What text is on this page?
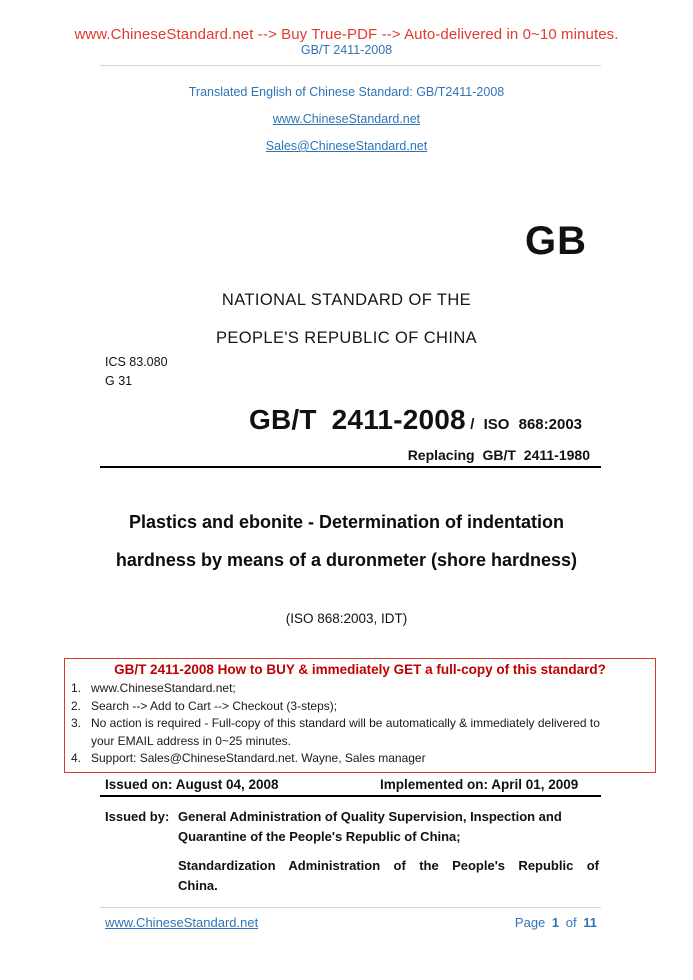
www.ChineseStandard.net --> Buy True-PDF --> Auto-delivered in 0~10 minutes.
GB/T 2411-2008
Translated English of Chinese Standard: GB/T2411-2008
www.ChineseStandard.net
Sales@ChineseStandard.net
GB
NATIONAL STANDARD OF THE
PEOPLE'S REPUBLIC OF CHINA
ICS 83.080
G 31
GB/T 2411-2008 / ISO 868:2003
Replacing GB/T 2411-1980
Plastics and ebonite - Determination of indentation
hardness by means of a duronmeter (shore hardness)
(ISO 868:2003, IDT)
GB/T 2411-2008 How to BUY & immediately GET a full-copy of this standard?
1. www.ChineseStandard.net;
2. Search --> Add to Cart --> Checkout (3-steps);
3. No action is required - Full-copy of this standard will be automatically & immediately delivered to
your EMAIL address in 0~25 minutes.
4. Support: Sales@ChineseStandard.net. Wayne, Sales manager
Issued on: August 04, 2008	Implemented on: April 01, 2009
Issued by: General Administration of Quality Supervision, Inspection and
Quarantine of the People's Republic of China;
Standardization Administration of the People's Republic of
China.
www.ChineseStandard.net	Page 1 of 11
